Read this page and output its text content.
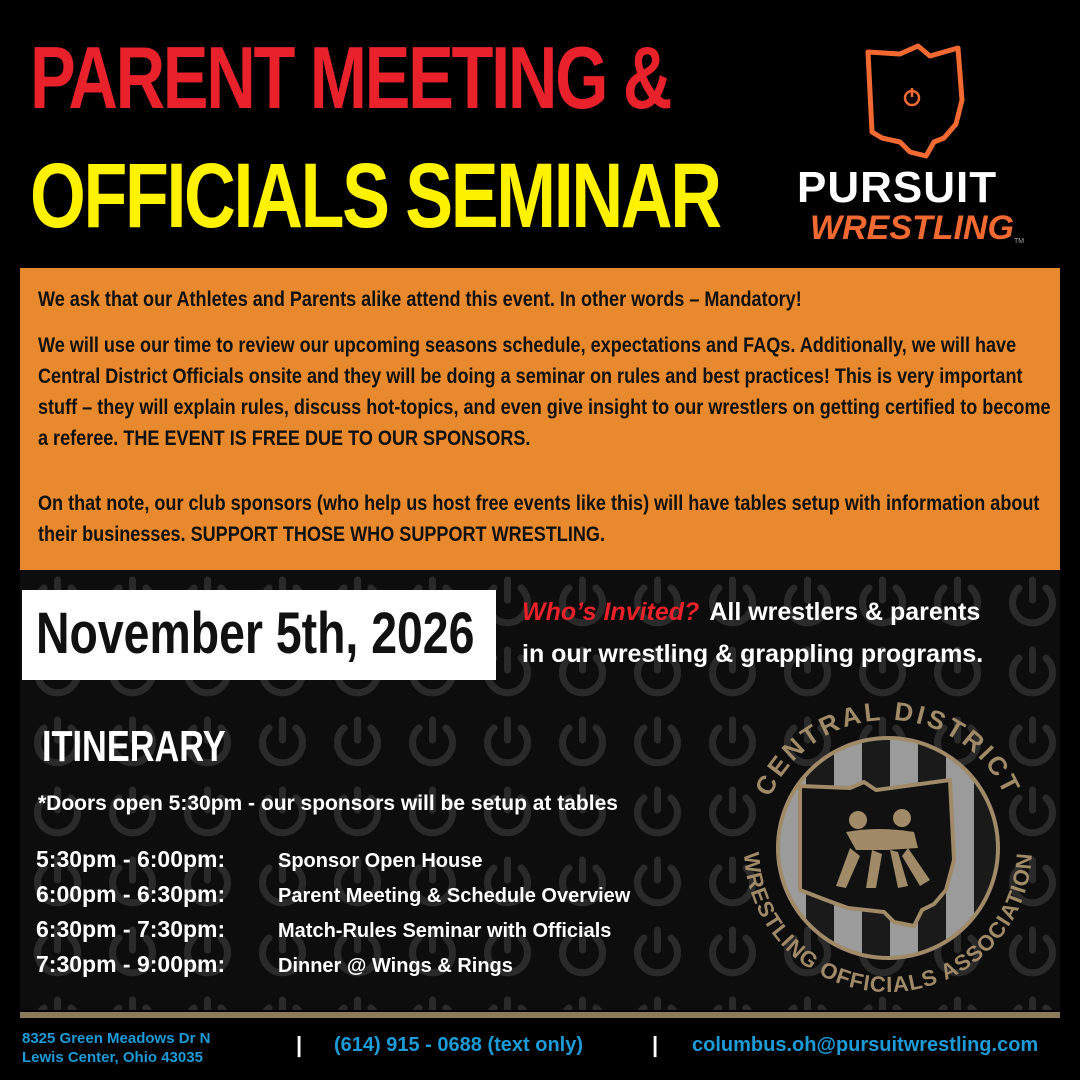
PARENT MEETING &
OFFICIALS SEMINAR	PURSUIT
WRESTLING TM
We ask that our Athletes and Parents alike attend this event. In other words – Mandatory!
We will use our time to review our upcoming seasons schedule, expectations and FAQs. Additionally, we will have Central District Officials onsite and they will be doing a seminar on rules and best practices! This is very important stuff – they will explain rules, discuss hot-topics, and even give insight to our wrestlers on getting certified to become a referee. THE EVENT IS FREE DUE TO OUR SPONSORS.
On that note, our club sponsors (who help us host free events like this) will have tables setup with information about their businesses. SUPPORT THOSE WHO SUPPORT WRESTLING.
November 5th, 2026 Who’s Invited? All wrestlers & parents
in our wrestling & grappling programs.
ITINERARY
*Doors open 5:30pm - our sponsors will be setup at tables
5:30pm - 6:00pm:	Sponsor Open House
6:00pm - 6:30pm:	Parent Meeting & Schedule Overview
6:30pm - 7:30pm:	Match-Rules Seminar with Officials
7:30pm - 9:00pm:	Dinner @ Wings & Rings
CENTRAL DISTRICT
WRESTLING OFFICIALS ASSOCIATION
8325 Green Meadows Dr N
Lewis Center, Ohio 43035
| (614) 915 - 0688 (text only)	| columbus.oh@pursuitwrestling.com
